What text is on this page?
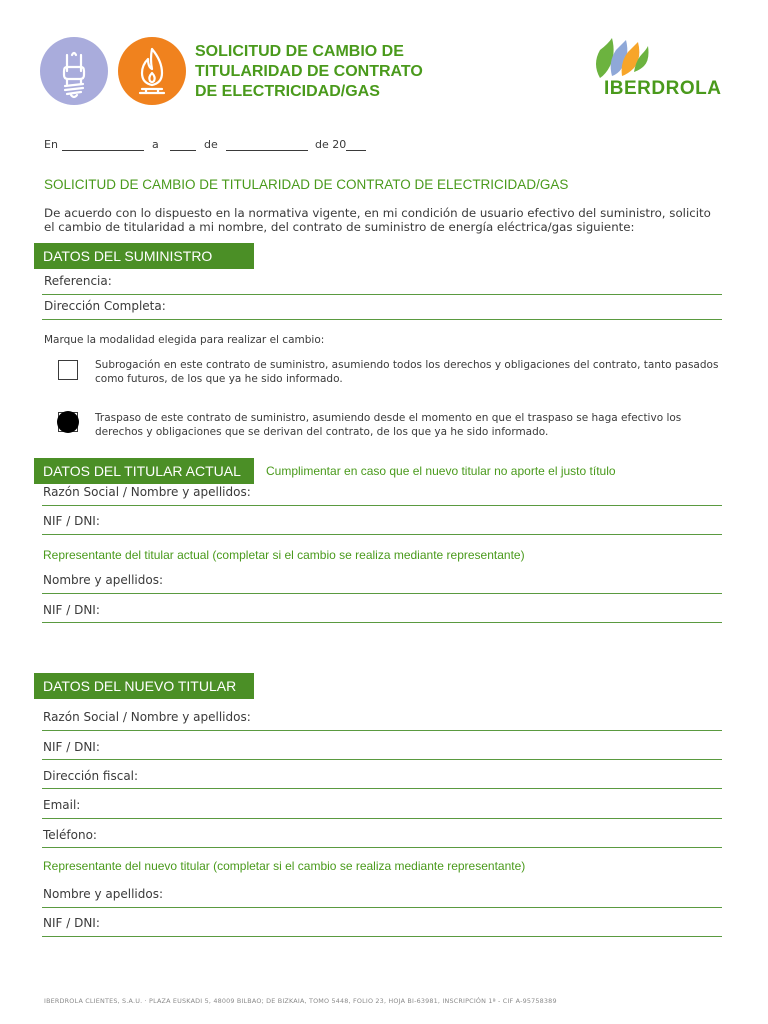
SOLICITUD DE CAMBIO DE
TITULARIDAD DE CONTRATO
DE ELECTRICIDAD/GAS	IBERDROLA
En	a	de	de 20
SOLICITUD DE CAMBIO DE TITULARIDAD DE CONTRATO DE ELECTRICIDAD/GAS
De acuerdo con lo dispuesto en la normativa vigente, en mi condición de usuario efectivo del suministro, solicito el cambio de titularidad a mi nombre, del contrato de suministro de energía eléctrica/gas siguiente:
DATOS DEL SUMINISTRO
Referencia:
Dirección Completa:
Marque la modalidad elegida para realizar el cambio:
Subrogación en este contrato de suministro, asumiendo todos los derechos y obligaciones del contrato, tanto pasados como futuros, de los que ya he sido informado.
Traspaso de este contrato de suministro, asumiendo desde el momento en que el traspaso se haga efectivo los derechos y obligaciones que se derivan del contrato, de los que ya he sido informado.
DATOS DEL TITULAR ACTUAL	Cumplimentar en caso que el nuevo titular no aporte el justo título
Razón Social / Nombre y apellidos:
NIF / DNI:
Representante del titular actual (completar si el cambio se realiza mediante representante)
Nombre y apellidos:
NIF / DNI:
DATOS DEL NUEVO TITULAR
Razón Social / Nombre y apellidos:
NIF / DNI:
Dirección fiscal:
Email:
Teléfono:
Representante del nuevo titular (completar si el cambio se realiza mediante representante)
Nombre y apellidos:
NIF / DNI:
IBERDROLA CLIENTES, S.A.U. · PLAZA EUSKADI 5, 48009 BILBAO; DE BIZKAIA, TOMO 5448, FOLIO 23, HOJA BI-63981, INSCRIPCIÓN 1ª - CIF A-95758389
